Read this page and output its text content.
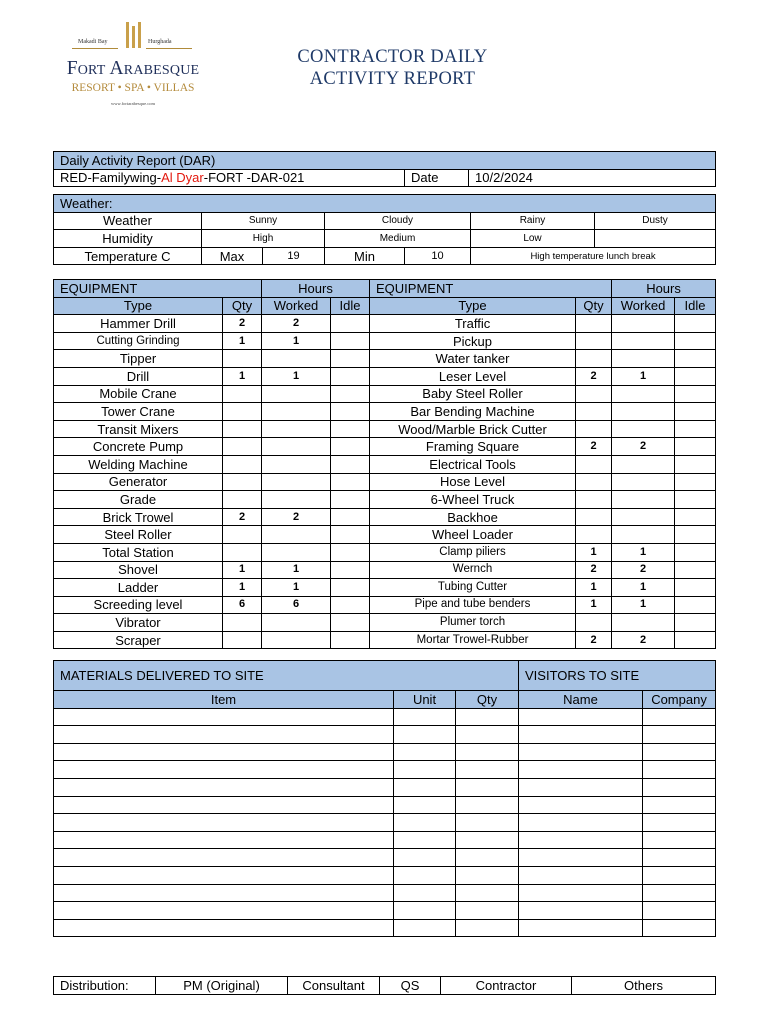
Makadi Bay	Hurghada
Fort Arabesque
RESORT • SPA • VILLAS
www.fortarabesque.com
CONTRACTOR DAILY
ACTIVITY REPORT
Daily Activity Report (DAR)
RED-Familywing-Al Dyar-FORT -DAR-021	Date	10/2/2024
Weather:						
Weather	Sunny		Cloudy		Rainy	Dusty
Humidity	High		Medium		Low	
Temperature C	Max	19	Min	10	High temperature lunch break	
EQUIPMENT		Hours		EQUIPMENT		Hours	
Type	Qty	Worked	Idle	Type	Qty	Worked	Idle
Hammer Drill	2	2		Traffic			
Cutting Grinding	1	1		Pickup			
Tipper				Water tanker			
Drill	1	1		Leser Level	2	1	
Mobile Crane				Baby Steel Roller			
Tower Crane				Bar Bending Machine			
Transit Mixers				Wood/Marble Brick Cutter			
Concrete Pump				Framing Square	2	2	
Welding Machine				Electrical Tools			
Generator				Hose Level			
Grade				6-Wheel Truck			
Brick Trowel	2	2		Backhoe			
Steel Roller				Wheel Loader			
Total Station				Clamp piliers	1	1	
Shovel	1	1		Wernch	2	2	
Ladder	1	1		Tubing Cutter	1	1	
Screeding level	6	6		Pipe and tube benders	1	1	
Vibrator				Plumer torch			
Scraper				Mortar Trowel-Rubber	2	2	
MATERIALS DELIVERED TO SITE			VISITORS TO SITE	
Item	Unit	Qty	Name	Company

Distribution:	PM (Original)	Consultant	QS	Contractor	Others
